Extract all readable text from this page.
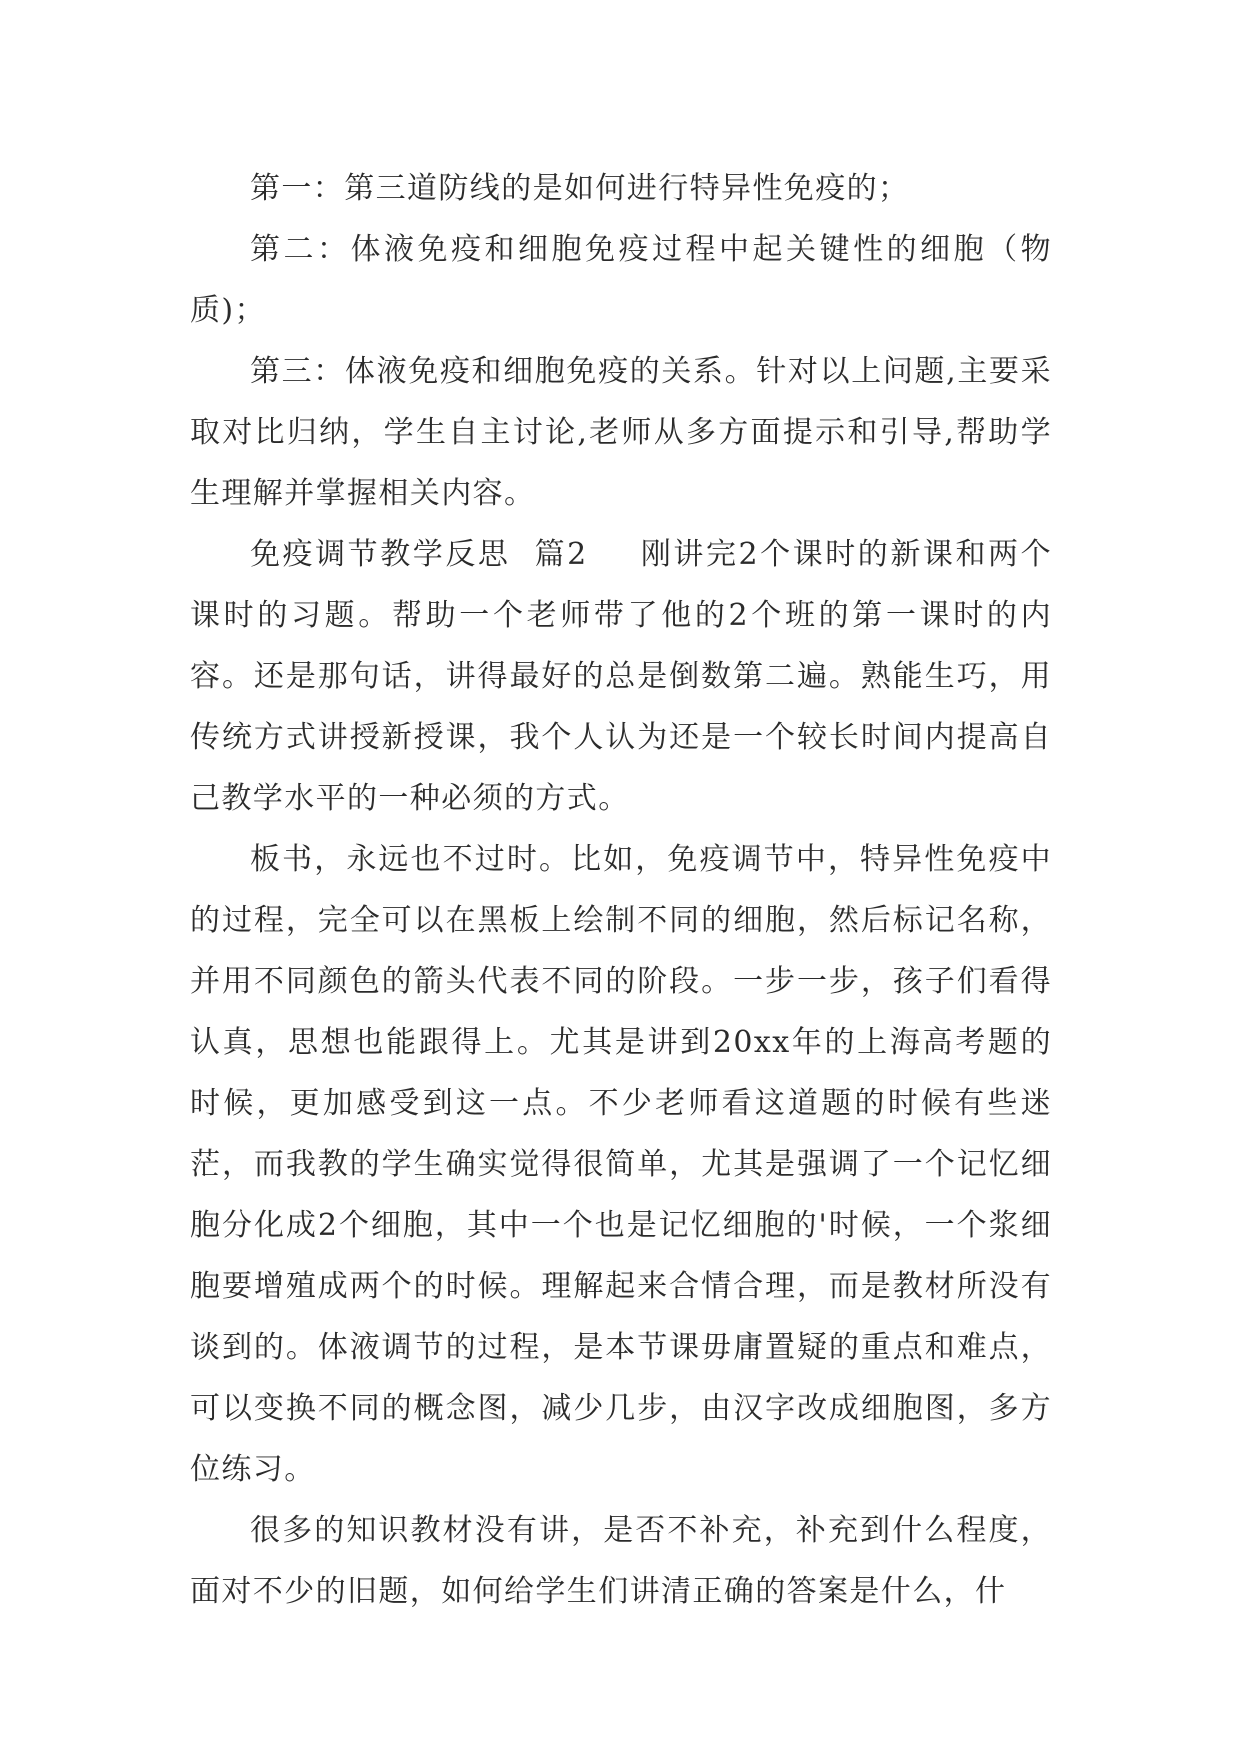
第一：第三道防线的是如何进行特异性免疫的；

第二：体液免疫和细胞免疫过程中起关键性的细胞（物质)；

第三：体液免疫和细胞免疫的关系。针对以上问题,主要采取对比归纳，学生自主讨论,老师从多方面提示和引导,帮助学生理解并掌握相关内容。

免疫调节教学反思  篇2 刚讲完2个课时的新课和两个课时的习题。帮助一个老师带了他的2个班的第一课时的内容。还是那句话，讲得最好的总是倒数第二遍。熟能生巧，用传统方式讲授新授课，我个人认为还是一个较长时间内提高自己教学水平的一种必须的方式。

板书，永远也不过时。比如，免疫调节中，特异性免疫中的过程，完全可以在黑板上绘制不同的细胞，然后标记名称，并用不同颜色的箭头代表不同的阶段。一步一步，孩子们看得认真，思想也能跟得上。尤其是讲到20xx年的上海高考题的时候，更加感受到这一点。不少老师看这道题的时候有些迷茫，而我教的学生确实觉得很简单，尤其是强调了一个记忆细胞分化成2个细胞，其中一个也是记忆细胞的'时候，一个浆细胞要增殖成两个的时候。理解起来合情合理，而是教材所没有谈到的。体液调节的过程，是本节课毋庸置疑的重点和难点，可以变换不同的概念图，减少几步，由汉字改成细胞图，多方位练习。

很多的知识教材没有讲，是否不补充，补充到什么程度，面对不少的旧题，如何给学生们讲清正确的答案是什么，什
